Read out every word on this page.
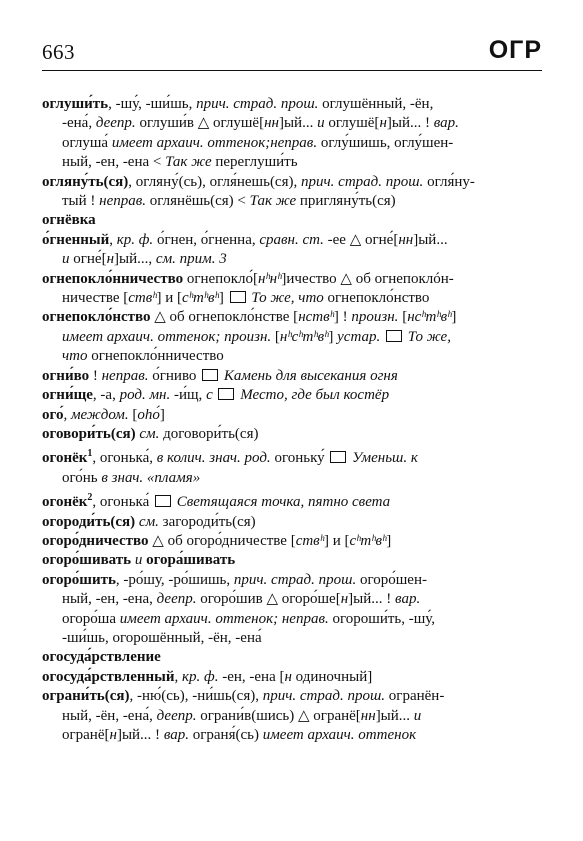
663	ОГР
оглуши́ть, -шу́, -ши́шь, прич. страд. прош. оглушённый, -ён,
-ена́, деепр. оглуши́в △ оглушё[нн]ый... и оглушё[н]ый... ! вар.
оглуша́ имеет архаич. оттенок;неправ. оглу́шишь, оглу́шен-
ный, -ен, -ена < Так же переглуши́ть
огляну́ть(ся), огляну́(сь), огля́нешь(ся), прич. страд. прош. огля́ну-
тый ! неправ. оглянёшь(ся) < Так же пригляну́ть(ся)
огнёвка
о́гненный, кр. ф. о́гнен, о́гненна, сравн. ст. -ее △ огне́[нн]ый...
и огне́[н]ый..., см. прим. 3
огнепокло́нничество огнепокло́[нʰнʰ]ичество △ об огнепоклóн-
ничестве [ствʰ] и [cʰтʰвʰ]  То же, что огнепокло́нство
огнепокло́нство △ об огнепокло́нстве [нствʰ] ! произн. [нсʰтʰвʰ]
имеет архаич. оттенок; произн. [нʰсʰтʰвʰ] устар. То же,
что огнепокло́нничество
огни́во ! неправ. о́гниво  Камень для высекания огня
огни́ще, -а, род. мн. -и́щ, с Место, где был костёр
ого́, междом. [оhо́]
оговори́ть(ся) см. договори́ть(ся)
огонёк$^1$, огонька́, в колич. знач. род. огоньку́  Уменьш. к
ого́нь в знач. «пламя»
огонёк$^2$, огонька́  Светящаяся точка, пятно света
огороди́ть(ся) см. загороди́ть(ся)
огоро́дничество △ об огоро́дничестве [ствʰ] и [cʰтʰвʰ]
огоро́шивать и огора́шивать
огоро́шить, -ро́шу, -ро́шишь, прич. страд. прош. огоро́шен-
ный, -ен, -ена, деепр. огоро́шив △ огоро́ше[н]ый... ! вар.
огоро́ша имеет архаич. оттенок; неправ. огороши́ть, -шу́,
-ши́шь, огорошённый, -ён, -ена́
огосуда́рствление
огосуда́рствленный, кр. ф. -ен, -ена [н одиночный]
ограни́ть(ся), -ню́(сь), -ни́шь(ся), прич. страд. прош. огранён-
ный, -ён, -ена́, деепр. ограни́в(шись) △ огранё[нн]ый... и
огранё[н]ый... ! вар. ограня́(сь) имеет архаич. оттенок
